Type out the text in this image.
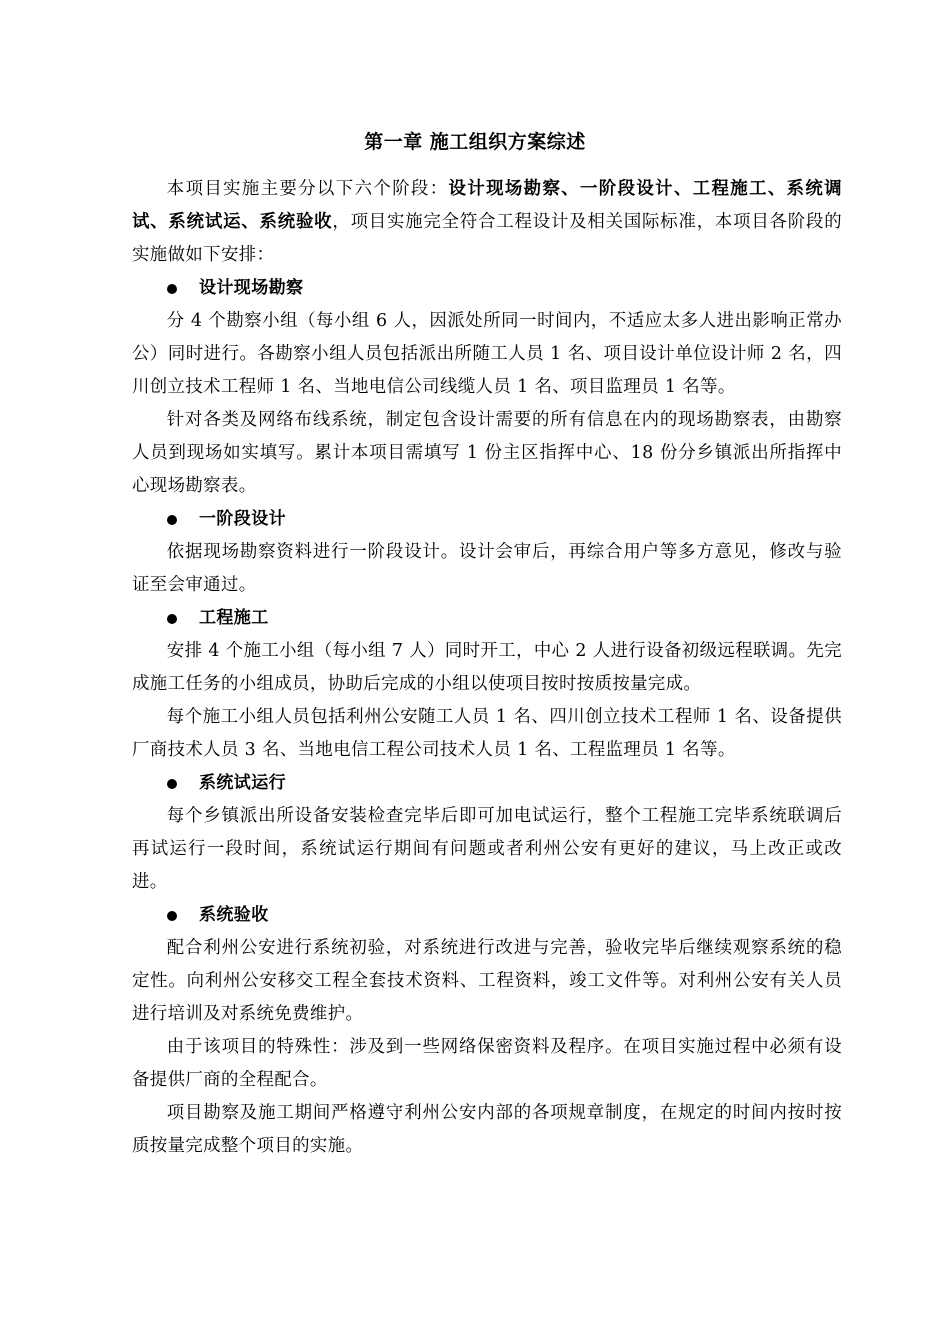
第一章 施工组织方案综述

本项目实施主要分以下六个阶段：设计现场勘察、一阶段设计、工程施工、系统调试、系统试运、系统验收，项目实施完全符合工程设计及相关国际标准，本项目各阶段的实施做如下安排：

设计现场勘察

分 4 个勘察小组（每小组 6 人，因派处所同一时间内，不适应太多人进出影响正常办公）同时进行。各勘察小组人员包括派出所随工人员 1 名、项目设计单位设计师 2 名，四川创立技术工程师 1 名、当地电信公司线缆人员 1 名、项目监理员 1 名等。

针对各类及网络布线系统，制定包含设计需要的所有信息在内的现场勘察表，由勘察人员到现场如实填写。累计本项目需填写 1 份主区指挥中心、18 份分乡镇派出所指挥中心现场勘察表。

一阶段设计

依据现场勘察资料进行一阶段设计。设计会审后，再综合用户等多方意见，修改与验证至会审通过。

工程施工

安排 4 个施工小组（每小组 7 人）同时开工，中心 2 人进行设备初级远程联调。先完成施工任务的小组成员，协助后完成的小组以使项目按时按质按量完成。

每个施工小组人员包括利州公安随工人员 1 名、四川创立技术工程师 1 名、设备提供厂商技术人员 3 名、当地电信工程公司技术人员 1 名、工程监理员 1 名等。

系统试运行

每个乡镇派出所设备安装检查完毕后即可加电试运行，整个工程施工完毕系统联调后再试运行一段时间，系统试运行期间有问题或者利州公安有更好的建议，马上改正或改进。

系统验收

配合利州公安进行系统初验，对系统进行改进与完善，验收完毕后继续观察系统的稳定性。向利州公安移交工程全套技术资料、工程资料，竣工文件等。对利州公安有关人员进行培训及对系统免费维护。

由于该项目的特殊性：涉及到一些网络保密资料及程序。在项目实施过程中必须有设备提供厂商的全程配合。

项目勘察及施工期间严格遵守利州公安内部的各项规章制度，在规定的时间内按时按质按量完成整个项目的实施。
